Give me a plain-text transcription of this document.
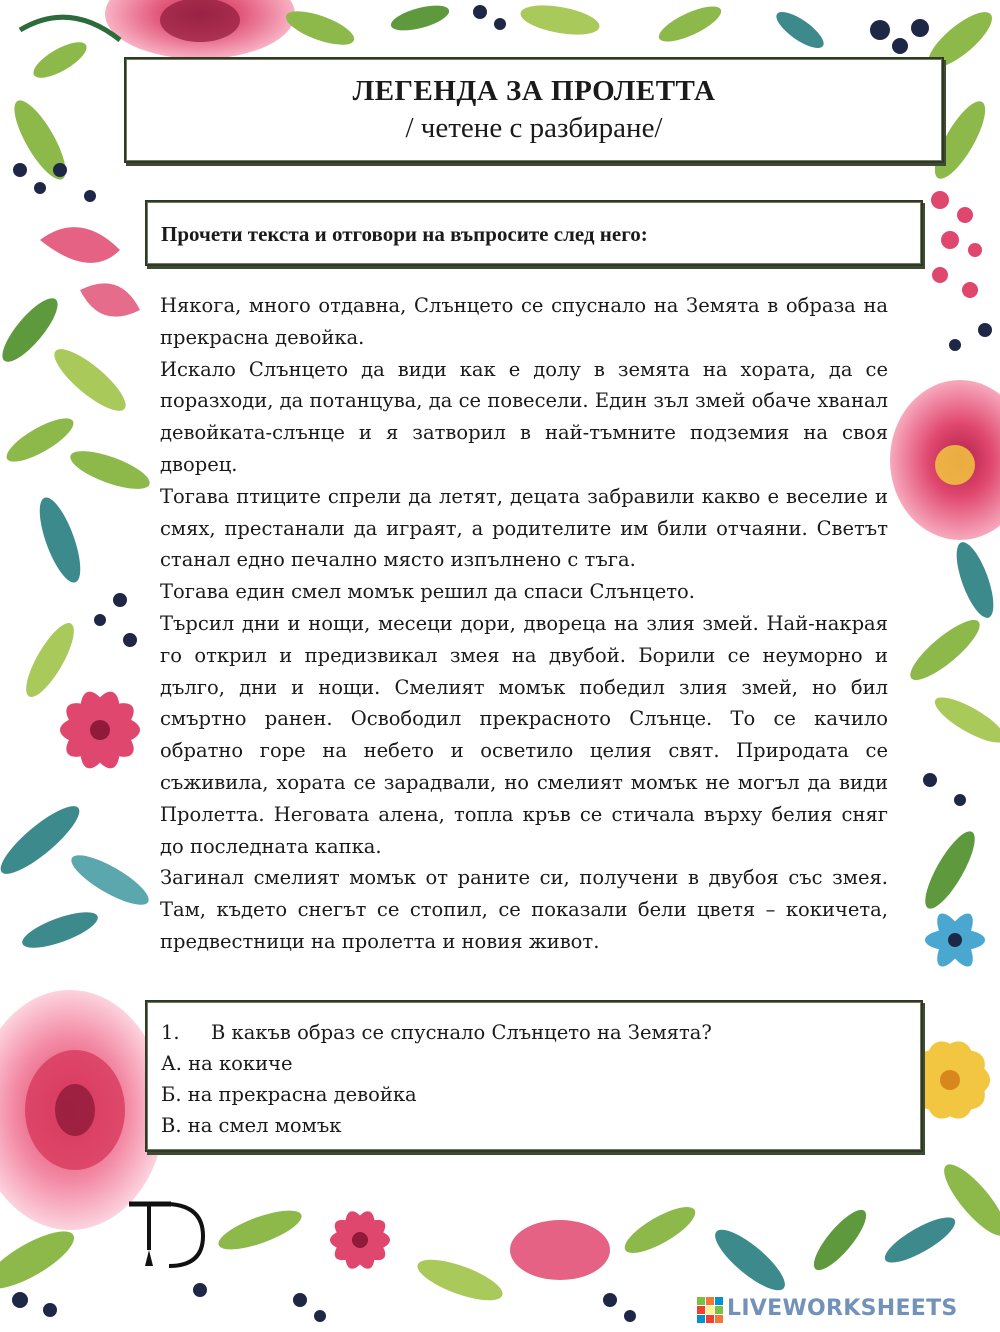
ЛЕГЕНДА ЗА ПРОЛЕТТА
/ четене с разбиране/
Прочети текста и отговори на въпросите след него:

Някога, много отдавна, Слънцето се спуснало на Земята в образа на прекрасна девойка.

Искало Слънцето да види как е долу в земята на хората, да се поразходи, да потанцува, да се повесели. Един зъл змей обаче хванал девойката-слънце и я затворил в най-тъмните подземия на своя дворец.

Тогава птиците спрели да летят, децата забравили какво е веселие и смях, престанали да играят, а родителите им били отчаяни. Светът станал едно печално място изпълнено с тъга.

Тогава един смел момък решил да спаси Слънцето.

Търсил дни и нощи, месеци дори, двореца на злия змей. Най-накрая го открил и предизвикал змея на двубой. Борили се неуморно и дълго, дни и нощи. Смелият момък победил злия змей, но бил смъртно ранен. Освободил прекрасното Слънце. То се качило обратно горе на небето и осветило целия свят. Природата се съживила, хората се зарадвали, но смелият момък не могъл да види Пролетта. Неговата алена, топла кръв се стичала върху белия сняг до последната капка.

Загинал смелият момък от раните си, получени в двубоя със змея. Там, където снегът се стопил, се показали бели цветя – кокичета, предвестници на пролетта и новия живот.

1. В какъв образ се спуснало Слънцето на Земята?
А. на кокиче
Б. на прекрасна девойка
В. на смел момък
LIVEWORKSHEETS
